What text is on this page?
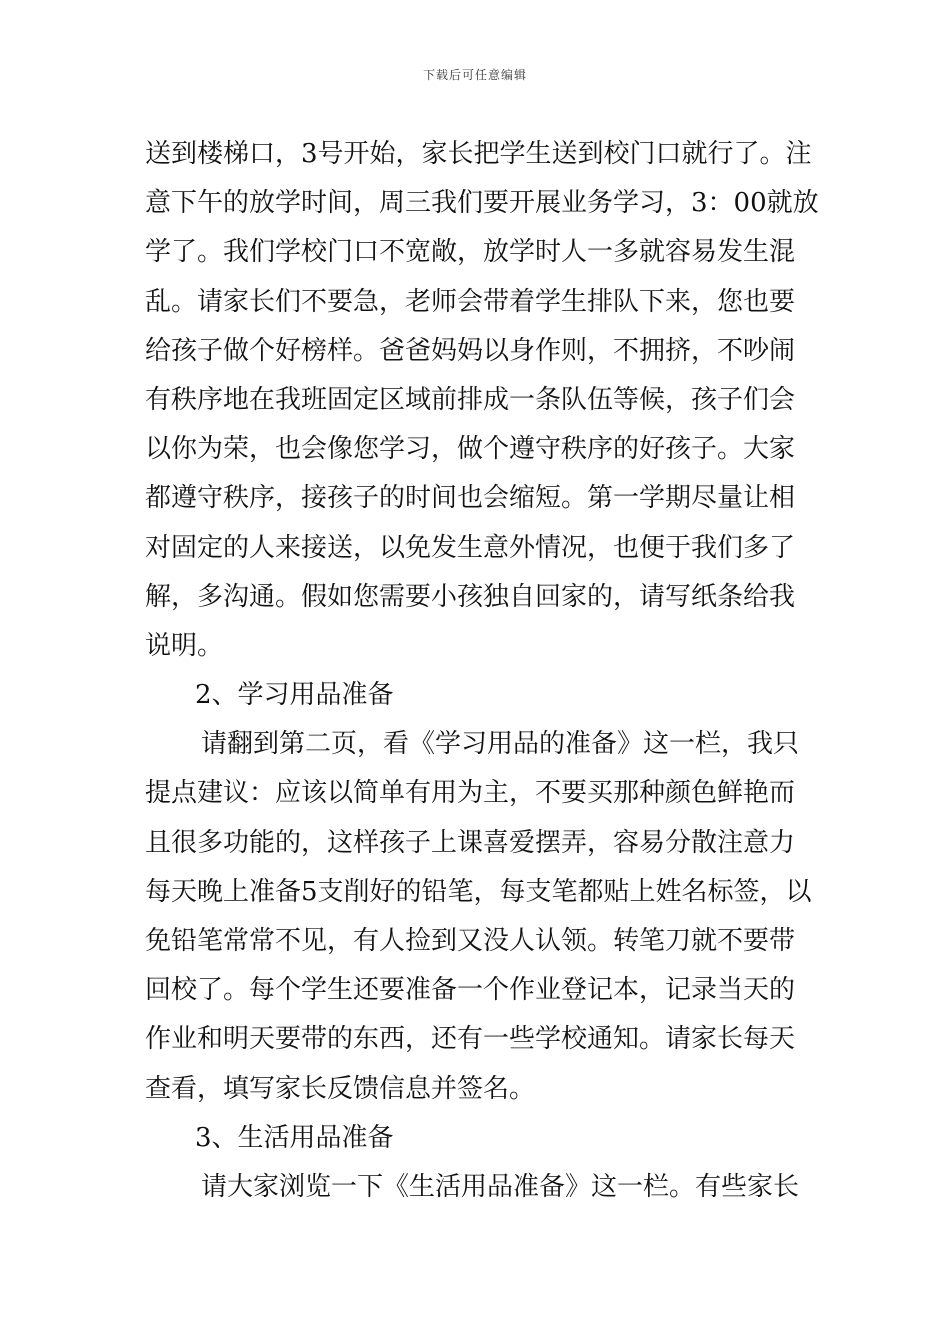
下载后可任意编辑
送到楼梯口，3号开始，家长把学生送到校门口就行了。注
意下午的放学时间，周三我们要开展业务学习，3：00就放
学了。我们学校门口不宽敞，放学时人一多就容易发生混
乱。请家长们不要急，老师会带着学生排队下来，您也要
给孩子做个好榜样。爸爸妈妈以身作则，不拥挤，不吵闹
有秩序地在我班固定区域前排成一条队伍等候，孩子们会
以你为荣，也会像您学习，做个遵守秩序的好孩子。大家
都遵守秩序，接孩子的时间也会缩短。第一学期尽量让相
对固定的人来接送，以免发生意外情况，也便于我们多了
解，多沟通。假如您需要小孩独自回家的，请写纸条给我
说明。
2、学习用品准备
请翻到第二页，看《学习用品的准备》这一栏，我只
提点建议：应该以简单有用为主，不要买那种颜色鲜艳而
且很多功能的，这样孩子上课喜爱摆弄，容易分散注意力
每天晚上准备5支削好的铅笔，每支笔都贴上姓名标签，以
免铅笔常常不见，有人捡到又没人认领。转笔刀就不要带
回校了。每个学生还要准备一个作业登记本，记录当天的
作业和明天要带的东西，还有一些学校通知。请家长每天
查看，填写家长反馈信息并签名。
3、生活用品准备
请大家浏览一下《生活用品准备》这一栏。有些家长
